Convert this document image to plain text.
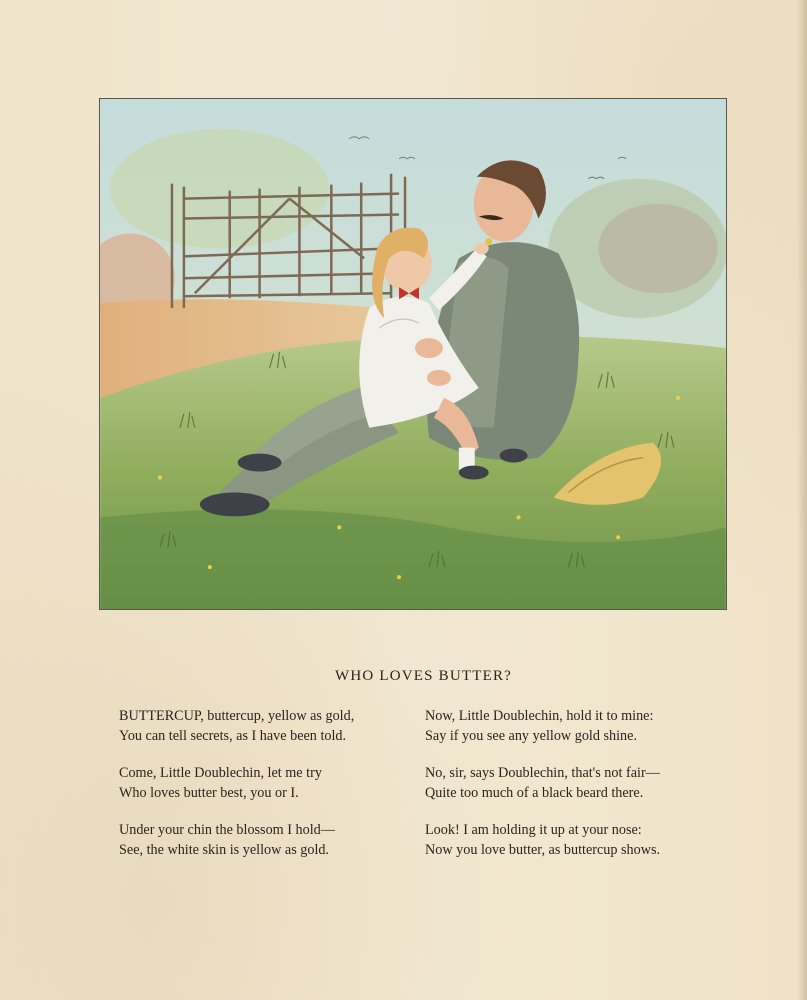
WHO LOVES BUTTER?
BUTTERCUP, buttercup, yellow as gold,
You can tell secrets, as I have been told.
Come, Little Doublechin, let me try
Who loves butter best, you or I.
Under your chin the blossom I hold—
See, the white skin is yellow as gold.
Now, Little Doublechin, hold it to mine:
Say if you see any yellow gold shine.
No, sir, says Doublechin, that's not fair—
Quite too much of a black beard there.
Look! I am holding it up at your nose:
Now you love butter, as buttercup shows.
